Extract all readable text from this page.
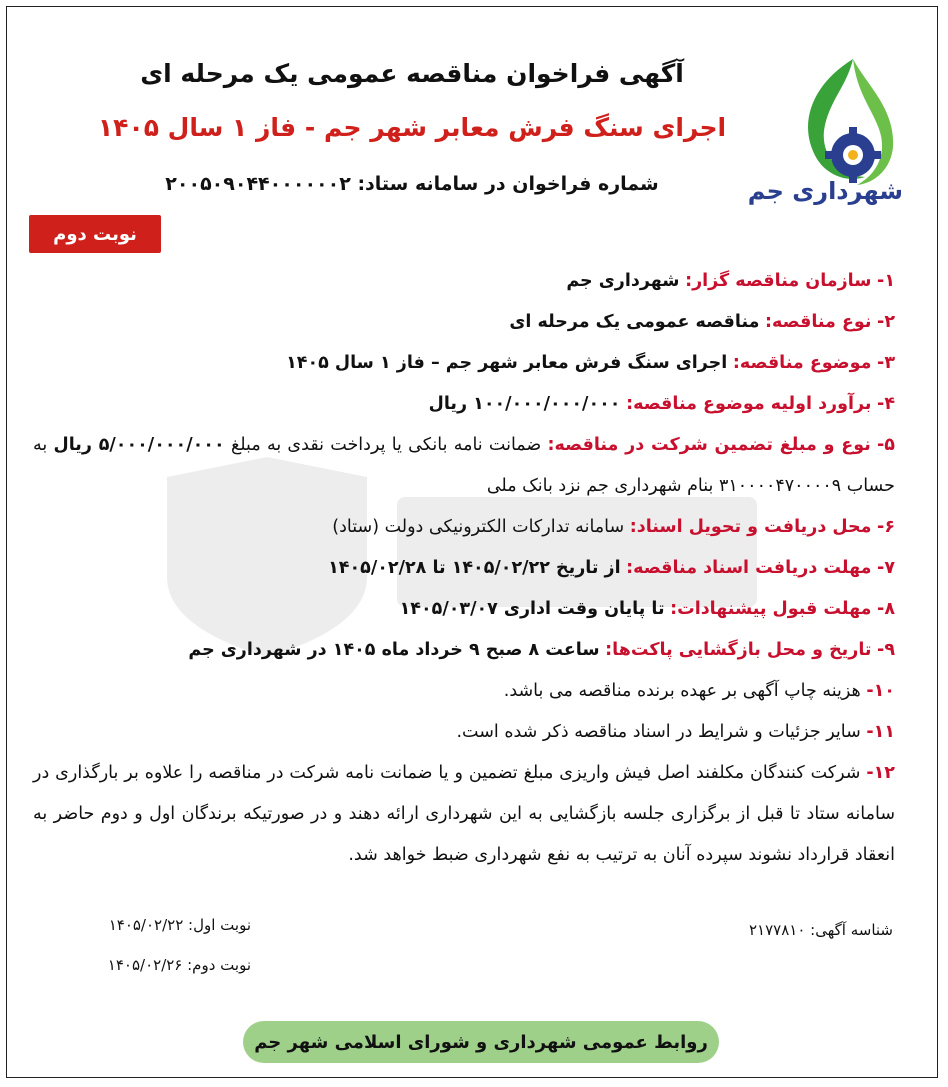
شهرداری جم
آگهی فراخوان مناقصه عمومی یک مرحله ای
اجرای سنگ فرش معابر شهر جم - فاز ۱ سال ۱۴۰۵
شماره فراخوان در سامانه ستاد: ۲۰۰۵۰۹۰۴۴۰۰۰۰۰۰۲
نوبت دوم

۱- سازمان مناقصه گزار: شهرداری جم

۲- نوع مناقصه: مناقصه عمومی یک مرحله ای

۳- موضوع مناقصه: اجرای سنگ فرش معابر شهر جم – فاز ۱ سال ۱۴۰۵

۴- برآورد اولیه موضوع مناقصه: ۱۰۰/۰۰۰/۰۰۰/۰۰۰ ریال

۵- نوع و مبلغ تضمین شرکت در مناقصه: ضمانت نامه بانکی یا پرداخت نقدی به مبلغ ۵/۰۰۰/۰۰۰/۰۰۰ ریال به حساب ۳۱۰۰۰۰۴۷۰۰۰۰۹ بنام شهرداری جم نزد بانک ملی

۶- محل دریافت و تحویل اسناد: سامانه تدارکات الکترونیکی دولت (ستاد)

۷- مهلت دریافت اسناد مناقصه: از تاریخ ۱۴۰۵/۰۲/۲۲ تا ۱۴۰۵/۰۲/۲۸

۸- مهلت قبول پیشنهادات: تا پایان وقت اداری ۱۴۰۵/۰۳/۰۷

۹- تاریخ و محل بازگشایی پاکت‌ها: ساعت ۸ صبح ۹ خرداد ماه ۱۴۰۵ در شهرداری جم

۱۰- هزینه چاپ آگهی بر عهده برنده مناقصه می باشد.

۱۱- سایر جزئیات و شرایط در اسناد مناقصه ذکر شده است.

۱۲- شرکت کنندگان مکلفند اصل فیش واریزی مبلغ تضمین و یا ضمانت نامه شرکت در مناقصه را علاوه بر بارگذاری در سامانه ستاد تا قبل از برگزاری جلسه بازگشایی به این شهرداری ارائه دهند و در صورتیکه برندگان اول و دوم حاضر به انعقاد قرارداد نشوند سپرده آنان به ترتیب به نفع شهرداری ضبط خواهد شد.

شناسه آگهی: ۲۱۷۷۸۱۰
نوبت اول: ۱۴۰۵/۰۲/۲۲
نوبت دوم: ۱۴۰۵/۰۲/۲۶
روابط عمومی شهرداری و شورای اسلامی شهر جم
